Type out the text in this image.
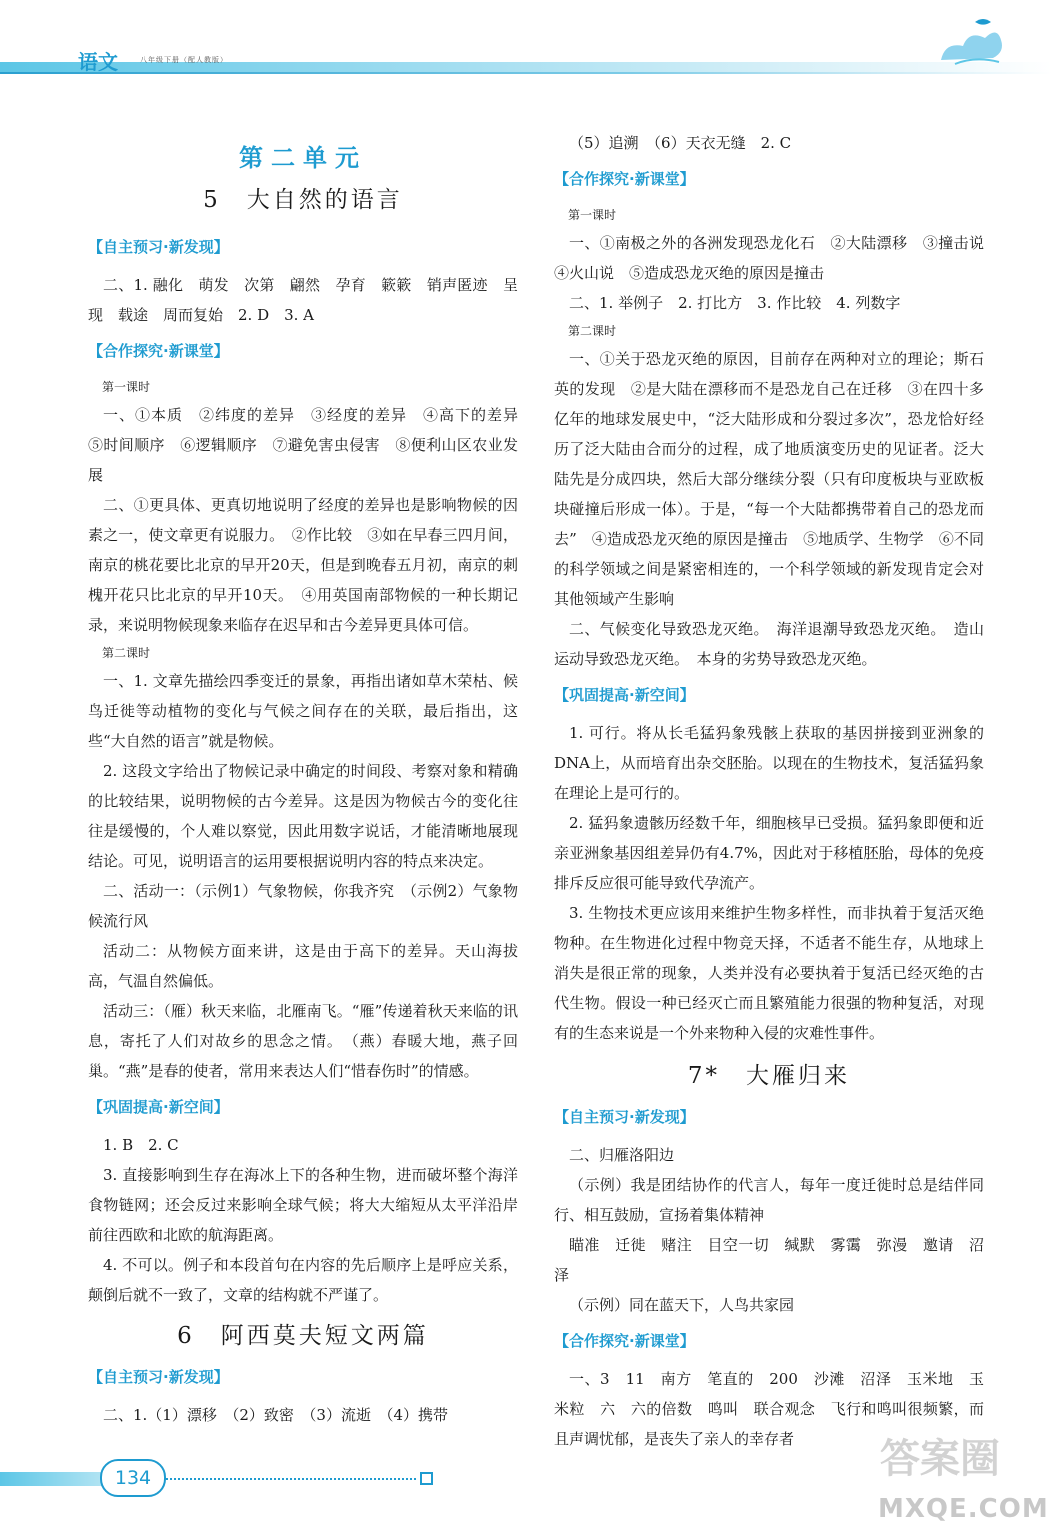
语文	八年级下册（配人教版）
第二单元
5　大自然的语言
【自主预习·新发现】

二、1. 融化　萌发　次第　翩然　孕育　簌簌　销声匿迹　呈现　载途　周而复始　2. D　3. A

【合作探究·新课堂】
第一课时

一、①本质　②纬度的差异　③经度的差异　④高下的差异　⑤时间顺序　⑥逻辑顺序　⑦避免害虫侵害　⑧便利山区农业发展

二、①更具体、更真切地说明了经度的差异也是影响物候的因素之一，使文章更有说服力。　②作比较　③如在早春三四月间，南京的桃花要比北京的早开20天，但是到晚春五月初，南京的刺槐开花只比北京的早开10天。　④用英国南部物候的一种长期记录，来说明物候现象来临存在迟早和古今差异更具体可信。

第二课时

一、1. 文章先描绘四季变迁的景象，再指出诸如草木荣枯、候鸟迁徙等动植物的变化与气候之间存在的关联，最后指出，这些“大自然的语言”就是物候。

2. 这段文字给出了物候记录中确定的时间段、考察对象和精确的比较结果，说明物候的古今差异。这是因为物候古今的变化往往是缓慢的，个人难以察觉，因此用数字说话，才能清晰地展现结论。可见，说明语言的运用要根据说明内容的特点来决定。

二、活动一：（示例1）气象物候，你我齐究　（示例2）气象物候流行风

活动二：从物候方面来讲，这是由于高下的差异。天山海拔高，气温自然偏低。

活动三：（雁）秋天来临，北雁南飞。“雁”传递着秋天来临的讯息，寄托了人们对故乡的思念之情。　（燕）春暖大地，燕子回巢。“燕”是春的使者，常用来表达人们“惜春伤时”的情感。

【巩固提高·新空间】

1. B　2. C

3. 直接影响到生存在海冰上下的各种生物，进而破坏整个海洋食物链网；还会反过来影响全球气候；将大大缩短从太平洋沿岸前往西欧和北欧的航海距离。

4. 不可以。例子和本段首句在内容的先后顺序上是呼应关系，颠倒后就不一致了，文章的结构就不严谨了。

6　阿西莫夫短文两篇
【自主预习·新发现】

二、1.（1）漂移　（2）致密　（3）流逝　（4）携带

（5）追溯　（6）天衣无缝　2. C

【合作探究·新课堂】
第一课时

一、①南极之外的各洲发现恐龙化石　②大陆漂移　③撞击说　④火山说　⑤造成恐龙灭绝的原因是撞击

二、1. 举例子　2. 打比方　3. 作比较　4. 列数字

第二课时

一、①关于恐龙灭绝的原因，目前存在两种对立的理论；斯石英的发现　②是大陆在漂移而不是恐龙自己在迁移　③在四十多亿年的地球发展史中，“泛大陆形成和分裂过多次”，恐龙恰好经历了泛大陆由合而分的过程，成了地质演变历史的见证者。泛大陆先是分成四块，然后大部分继续分裂（只有印度板块与亚欧板块碰撞后形成一体）。于是，“每一个大陆都携带着自己的恐龙而去”　④造成恐龙灭绝的原因是撞击　⑤地质学、生物学　⑥不同的科学领域之间是紧密相连的，一个科学领域的新发现肯定会对其他领域产生影响

二、气候变化导致恐龙灭绝。　海洋退潮导致恐龙灭绝。　造山运动导致恐龙灭绝。　本身的劣势导致恐龙灭绝。

【巩固提高·新空间】

1. 可行。将从长毛猛犸象残骸上获取的基因拼接到亚洲象的DNA上，从而培育出杂交胚胎。以现在的生物技术，复活猛犸象在理论上是可行的。

2. 猛犸象遗骸历经数千年，细胞核早已受损。猛犸象即便和近亲亚洲象基因组差异仍有4.7%，因此对于移植胚胎，母体的免疫排斥反应很可能导致代孕流产。

3. 生物技术更应该用来维护生物多样性，而非执着于复活灭绝物种。在生物进化过程中物竞天择，不适者不能生存，从地球上消失是很正常的现象，人类并没有必要执着于复活已经灭绝的古代生物。假设一种已经灭亡而且繁殖能力很强的物种复活，对现有的生态来说是一个外来物种入侵的灾难性事件。

7*　大雁归来
【自主预习·新发现】

二、归雁洛阳边

（示例）我是团结协作的代言人，每年一度迁徙时总是结伴同行、相互鼓励，宣扬着集体精神

瞄准　迁徙　赌注　目空一切　缄默　雾霭　弥漫　邀请　沼泽

（示例）同在蓝天下，人鸟共家园

【合作探究·新课堂】

一、3　11　南方　笔直的　200　沙滩　沼泽　玉米地　玉米粒　六　六的倍数　鸣叫　联合观念　飞行和鸣叫很频繁，而且声调忧郁，是丧失了亲人的幸存者

134	答案圈
MXQE.COM
